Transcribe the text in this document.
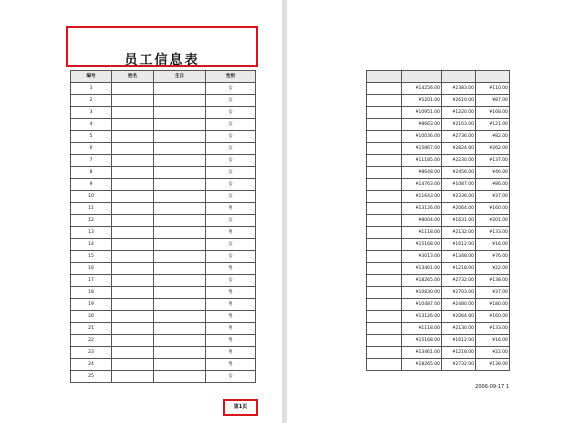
员工信息表
编号	姓名	生日	性别
1			女
2			女
3			女
4			女
5			女
6			女
7			女
8			女
9			女
10			女
11			男
12			女
13			男
14			女
15			女
16			男
17			女
18			男
19			男
20			男
21			男
22			男
23			男
24			男
25			女
第1页

	¥14256.00	¥2383.00	¥110.00
	¥5201.00	¥2610.00	¥87.00
	¥10951.00	¥1220.00	¥168.00
	¥8663.00	¥2163.00	¥121.00
	¥10036.00	¥2736.00	¥82.00
	¥15867.00	¥2824.00	¥262.00
	¥11185.00	¥2230.00	¥137.00
	¥8648.00	¥2456.00	¥46.00
	¥14763.00	¥1087.00	¥86.00
	¥11643.00	¥2336.00	¥37.00
	¥13126.00	¥2064.00	¥160.00
	¥8004.00	¥1631.00	¥201.00
	¥1118.00	¥2132.00	¥133.00
	¥15168.00	¥1612.00	¥16.00
	¥3013.00	¥1348.00	¥76.00
	¥13461.00	¥1218.00	¥22.00
	¥18265.00	¥2732.00	¥138.00
	¥10830.00	¥2703.00	¥37.00
	¥10487.00	¥2480.00	¥180.00
	¥13126.00	¥2064.00	¥160.00
	¥1118.00	¥2130.00	¥133.00
	¥15168.00	¥1612.00	¥16.00
	¥13461.00	¥1218.00	¥22.00
	¥18265.00	¥2732.00	¥138.00
2006-09-17 1
